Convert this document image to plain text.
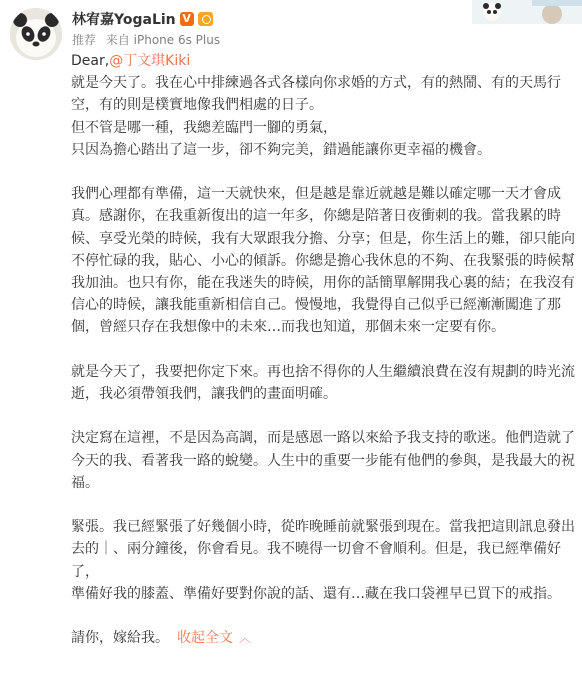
林宥嘉YogaLin V
推荐 来自 iPhone 6s Plus

Dear,@丁文琪Kiki

就是今天了。我在心中排練過各式各樣向你求婚的方式，有的熱鬧、有的天馬行空，有的則是樸實地像我們相處的日子。

但不管是哪一種，我總差臨門一腳的勇氣，

只因為擔心踏出了這一步，卻不夠完美，錯過能讓你更幸福的機會。

我們心理都有準備，這一天就快來，但是越是靠近就越是難以確定哪一天才會成真。感謝你，在我重新復出的這一年多，你總是陪著日夜衝刺的我。當我累的時候、享受光榮的時候，我有大眾跟我分擔、分享；但是，你生活上的難，卻只能向不停忙碌的我，貼心、小心的傾訴。你總是擔心我休息的不夠、在我緊張的時候幫我加油。也只有你，能在我迷失的時候，用你的話簡單解開我心裏的結；在我沒有信心的時候，讓我能重新相信自己。慢慢地，我覺得自己似乎已經漸漸闖進了那個，曾經只存在我想像中的未來…而我也知道，那個未來一定要有你。

就是今天了，我要把你定下來。再也捨不得你的人生繼續浪費在沒有規劃的時光流逝，我必須帶領我們，讓我們的畫面明確。

決定寫在這裡，不是因為高調，而是感恩一路以來給予我支持的歌迷。他們造就了今天的我、看著我一路的蛻變。人生中的重要一步能有他們的參與，是我最大的祝福。

緊張。我已經緊張了好幾個小時，從昨晚睡前就緊張到現在。當我把這則訊息發出去的｜、兩分鐘後，你會看見。我不曉得一切會不會順利。但是，我已經準備好了，

準備好我的膝蓋、準備好要對你說的話、還有…藏在我口袋裡早已買下的戒指。

請你，嫁給我。 收起全文 ︿
